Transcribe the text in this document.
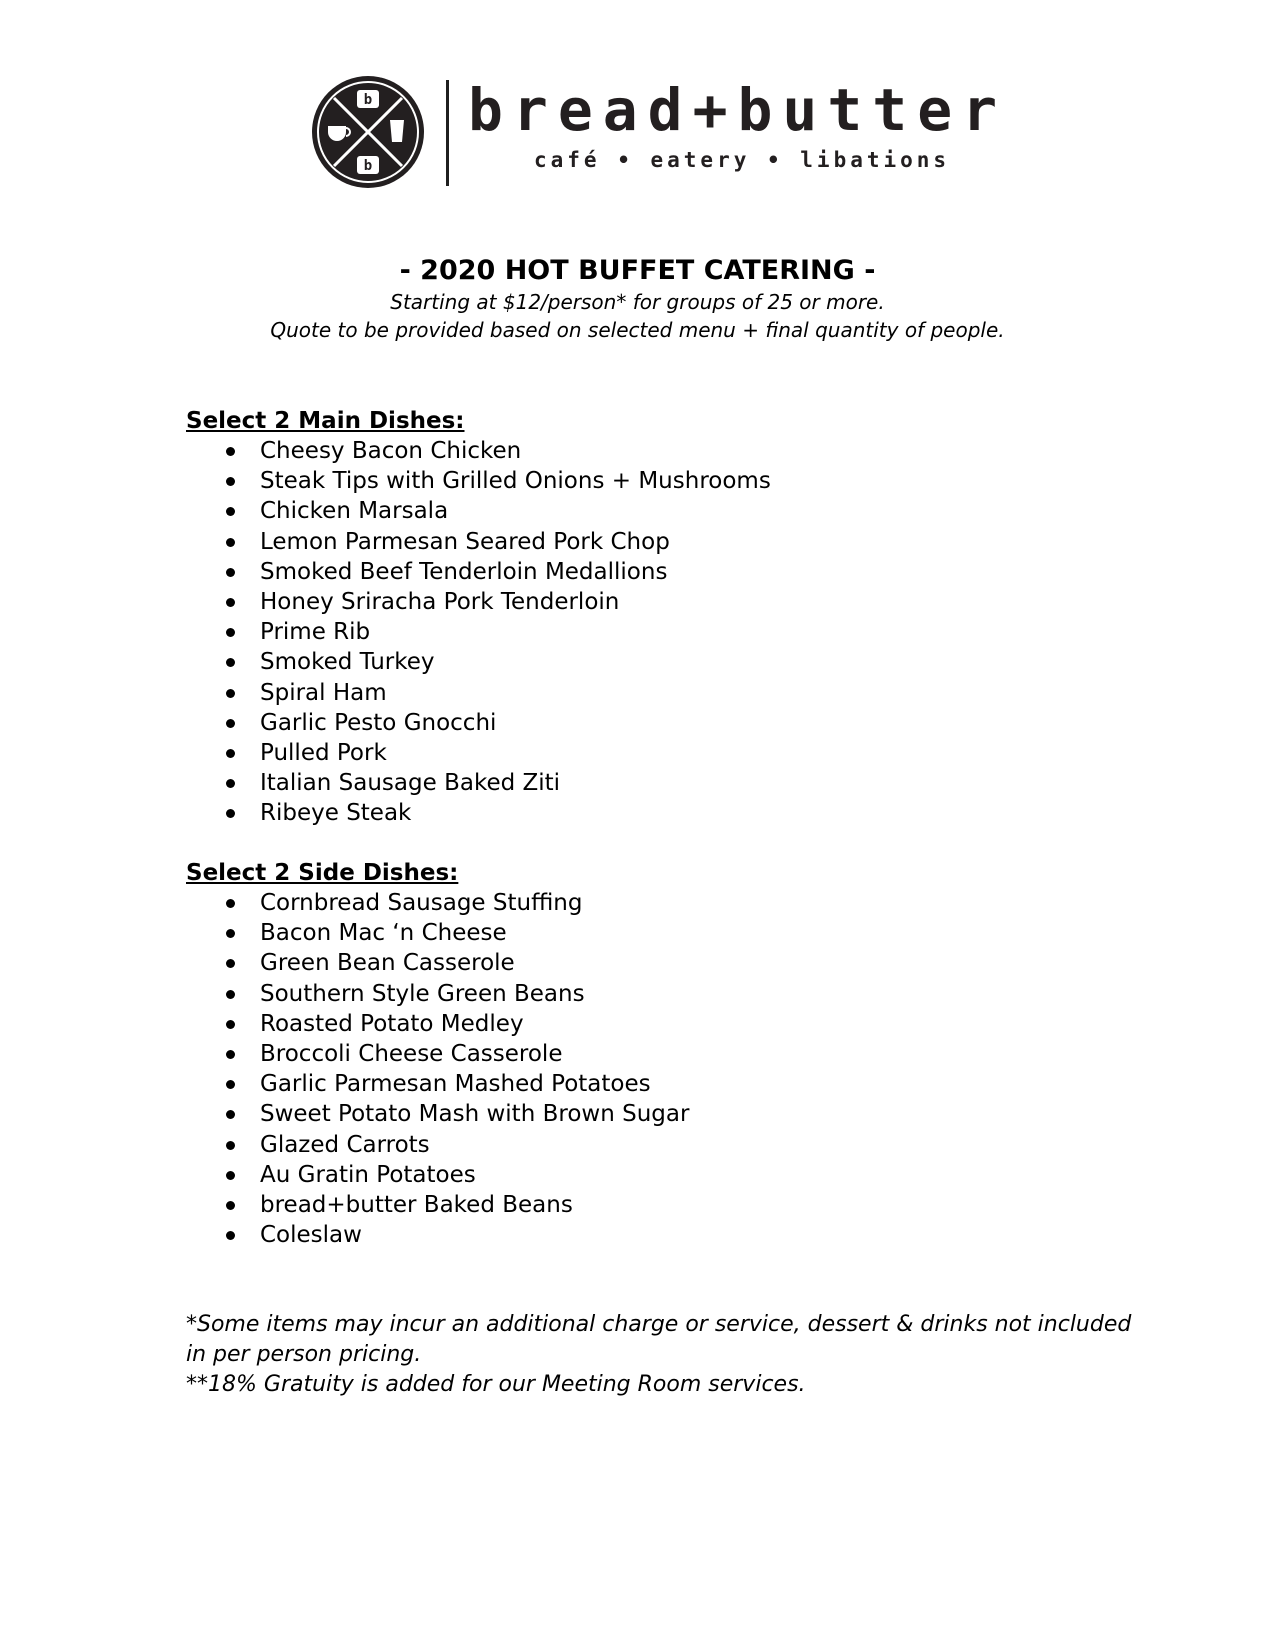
b
b
bread+butter
café • eatery • libations

- 2020 HOT BUFFET CATERING -

Starting at $12/person* for groups of 25 or more.

Quote to be provided based on selected menu + final quantity of people.

Select 2 Main Dishes:

Cheesy Bacon Chicken
Steak Tips with Grilled Onions + Mushrooms
Chicken Marsala
Lemon Parmesan Seared Pork Chop
Smoked Beef Tenderloin Medallions
Honey Sriracha Pork Tenderloin
Prime Rib
Smoked Turkey
Spiral Ham
Garlic Pesto Gnocchi
Pulled Pork
Italian Sausage Baked Ziti
Ribeye Steak

Select 2 Side Dishes:

Cornbread Sausage Stuffing
Bacon Mac ‘n Cheese
Green Bean Casserole
Southern Style Green Beans
Roasted Potato Medley
Broccoli Cheese Casserole
Garlic Parmesan Mashed Potatoes
Sweet Potato Mash with Brown Sugar
Glazed Carrots
Au Gratin Potatoes
bread+butter Baked Beans
Coleslaw

*Some items may incur an additional charge or service, dessert & drinks not included in per person pricing.

**18% Gratuity is added for our Meeting Room services.
